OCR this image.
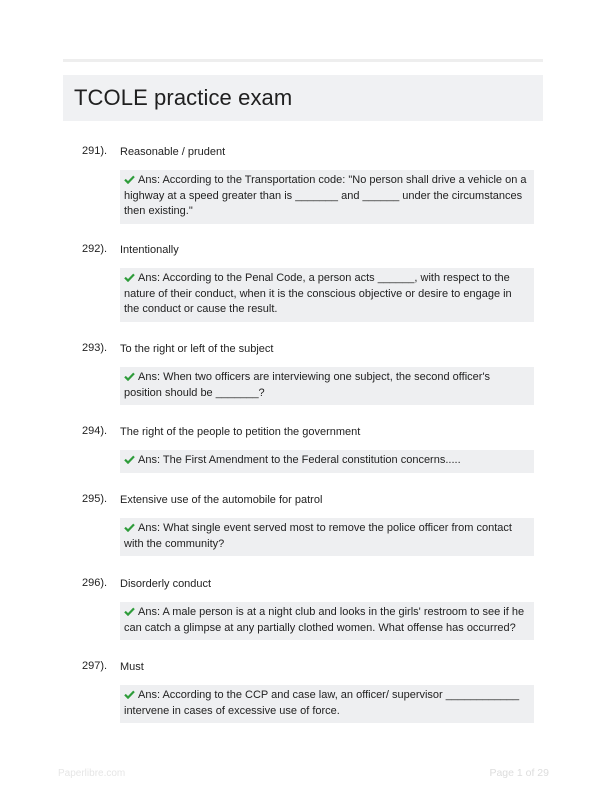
TCOLE practice exam
291). Reasonable / prudent
Ans: According to the Transportation code: "No person shall drive a vehicle on a highway at a speed greater than is _______ and ______ under the circumstances then existing."
292). Intentionally
Ans: According to the Penal Code, a person acts ______, with respect to the nature of their conduct, when it is the conscious objective or desire to engage in the conduct or cause the result.
293). To the right or left of the subject
Ans: When two officers are interviewing one subject, the second officer's position should be _______?
294). The right of the people to petition the government
Ans: The First Amendment to the Federal constitution concerns.....
295). Extensive use of the automobile for patrol
Ans: What single event served most to remove the police officer from contact with the community?
296). Disorderly conduct
Ans: A male person is at a night club and looks in the girls' restroom to see if he can catch a glimpse at any partially clothed women. What offense has occurred?
297). Must
Ans: According to the CCP and case law, an officer/ supervisor ____________ intervene in cases of excessive use of force.
Paperlibre.com	Page 1 of 29
